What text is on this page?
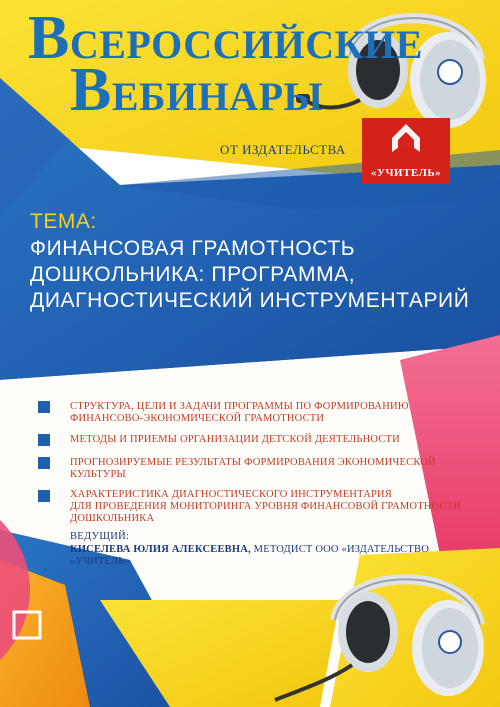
ВСЕРОССИЙСКИЕ
ВЕБИНАРЫ
ОТ ИЗДАТЕЛЬСТВА
«УЧИТЕЛЬ»
ТЕМА:
ФИНАНСОВАЯ ГРАМОТНОСТЬ
ДОШКОЛЬНИКА: ПРОГРАММА,
ДИАГНОСТИЧЕСКИЙ ИНСТРУМЕНТАРИЙ
СТРУКТУРА, ЦЕЛИ И ЗАДАЧИ ПРОГРАММЫ ПО ФОРМИРОВАНИЮ
ФИНАНСОВО-ЭКОНОМИЧЕСКОЙ ГРАМОТНОСТИ
МЕТОДЫ И ПРИЕМЫ ОРГАНИЗАЦИИ ДЕТСКОЙ ДЕЯТЕЛЬНОСТИ
ПРОГНОЗИРУЕМЫЕ РЕЗУЛЬТАТЫ ФОРМИРОВАНИЯ ЭКОНОМИЧЕСКОЙ
КУЛЬТУРЫ
ХАРАКТЕРИСТИКА ДИАГНОСТИЧЕСКОГО ИНСТРУМЕНТАРИЯ
ДЛЯ ПРОВЕДЕНИЯ МОНИТОРИНГА УРОВНЯ ФИНАНСОВОЙ ГРАМОТНОСТИ
ДОШКОЛЬНИКА
ВЕДУЩИЙ:
КИСЕЛЕВА ЮЛИЯ АЛЕКСЕЕВНА, МЕТОДИСТ ООО «ИЗДАТЕЛЬСТВО
«УЧИТЕЛЬ»
